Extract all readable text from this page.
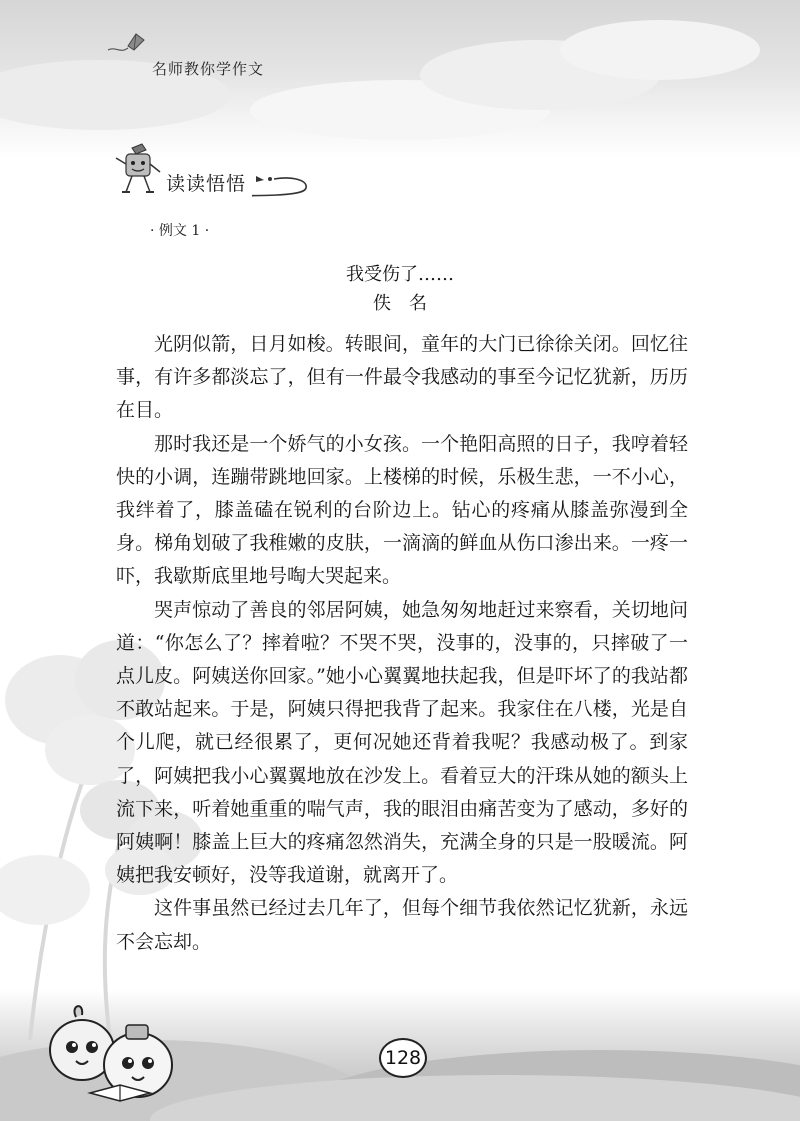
名师教你学作文
读读悟悟
· 例文 1 ·
我受伤了……
佚名

光阴似箭，日月如梭。转眼间，童年的大门已徐徐关闭。回忆往事，有许多都淡忘了，但有一件最令我感动的事至今记忆犹新，历历在目。

那时我还是一个娇气的小女孩。一个艳阳高照的日子，我哼着轻快的小调，连蹦带跳地回家。上楼梯的时候，乐极生悲，一不小心，我绊着了，膝盖磕在锐利的台阶边上。钻心的疼痛从膝盖弥漫到全身。梯角划破了我稚嫩的皮肤，一滴滴的鲜血从伤口渗出来。一疼一吓，我歇斯底里地号啕大哭起来。

哭声惊动了善良的邻居阿姨，她急匆匆地赶过来察看，关切地问道：“你怎么了？摔着啦？不哭不哭，没事的，没事的，只摔破了一点儿皮。阿姨送你回家。”她小心翼翼地扶起我，但是吓坏了的我站都不敢站起来。于是，阿姨只得把我背了起来。我家住在八楼，光是自个儿爬，就已经很累了，更何况她还背着我呢？我感动极了。到家了，阿姨把我小心翼翼地放在沙发上。看着豆大的汗珠从她的额头上流下来，听着她重重的喘气声，我的眼泪由痛苦变为了感动，多好的阿姨啊！膝盖上巨大的疼痛忽然消失，充满全身的只是一股暖流。阿姨把我安顿好，没等我道谢，就离开了。

这件事虽然已经过去几年了，但每个细节我依然记忆犹新，永远不会忘却。

128
